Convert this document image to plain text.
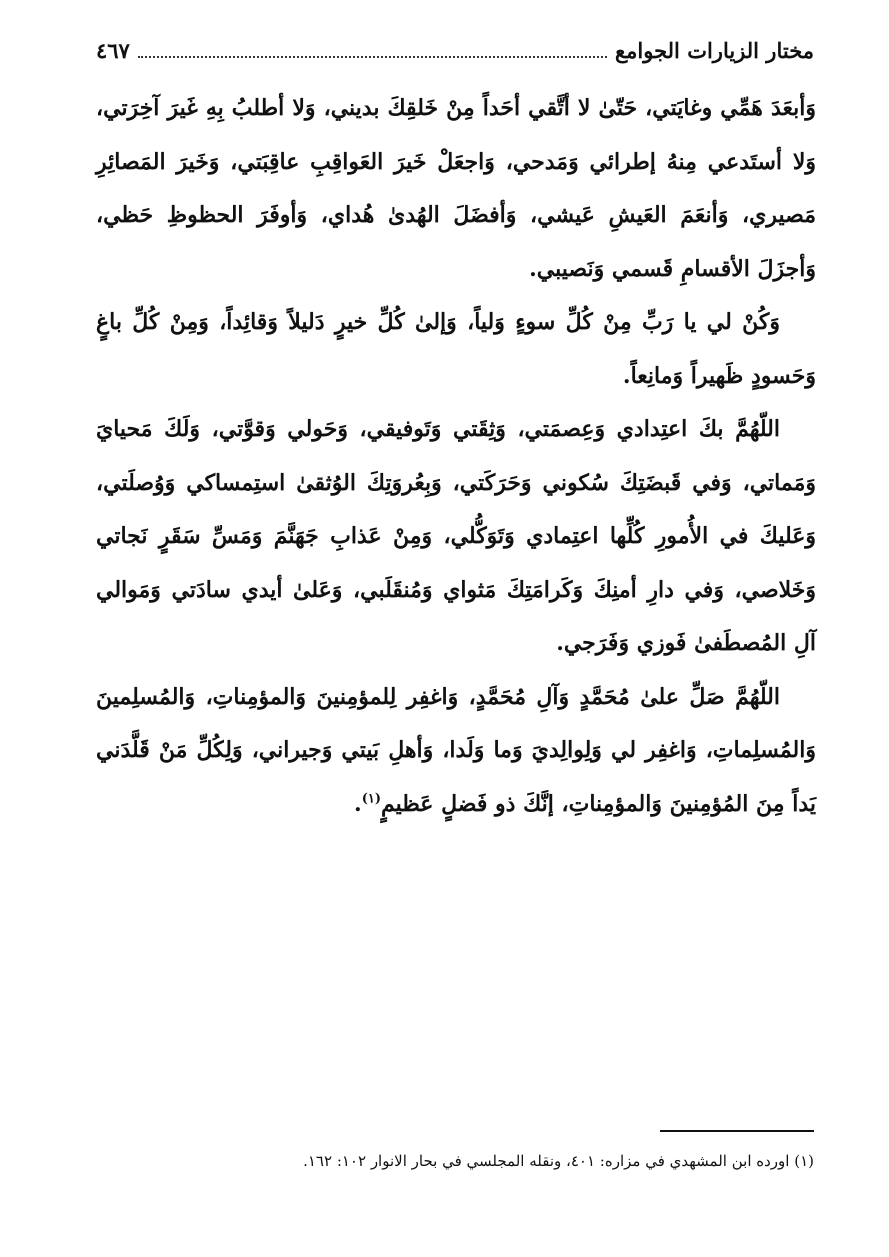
مختار الزيارات الجوامع
٤٦٧

وَأبعَدَ هَمِّي وغايَتي، حَتّىٰ لا أتَّقي أحَداً مِنْ خَلقِكَ بديني، وَلا أطلبُ بِهِ غَيرَ آخِرَتي، وَلا أستَدعي مِنهُ إطرائي وَمَدحي، وَاجعَلْ خَيرَ العَواقِبِ عاقِبَتي، وَخَيرَ المَصائِرِ مَصيري، وَأنعَمَ العَيشِ عَيشي، وَأفضَلَ الهُدىٰ هُداي، وَأوفَرَ الحظوظِ حَظي، وَأجزَلَ الأقسامِ قَسمي وَنَصيبي.

وَكُنْ لي يا رَبِّ مِنْ كُلِّ سوءٍ وَلياً، وَإلىٰ كُلِّ خيرٍ دَليلاً وَقائِداً، وَمِنْ كُلِّ باغٍ وَحَسودٍ ظَهيراً وَمانِعاً.

اللّهُمَّ بكَ اعتِدادي وَعِصمَتي، وَثِقَتي وَتَوفيقي، وَحَولي وَقوَّتي، وَلَكَ مَحيايَ وَمَماتي، وَفي قَبضَتِكَ سُكوني وَحَرَكَتي، وَبِعُروَتِكَ الوُثقىٰ استِمساكي وَوُصلَتي، وَعَليكَ في الأُمورِ كُلِّها اعتِمادي وَتَوَكُّلي، وَمِنْ عَذابِ جَهَنَّمَ وَمَسِّ سَقَرٍ نَجاتي وَخَلاصي، وَفي دارِ أمنِكَ وَكَرامَتِكَ مَثواي وَمُنقَلَبي، وَعَلىٰ أيدي سادَتي وَمَوالي آلِ المُصطَفىٰ فَوزي وَفَرَجي.

اللّهُمَّ صَلِّ علىٰ مُحَمَّدٍ وَآلِ مُحَمَّدٍ، وَاغفِر لِلمؤمِنينَ وَالمؤمِناتِ، وَالمُسلِمينَ وَالمُسلِماتِ، وَاغفِر لي وَلِوالِديَ وَما وَلَدا، وَأهلِ بَيتي وَجيراني، وَلِكُلِّ مَنْ قَلَّدَني يَداً مِنَ المُؤمِنينَ وَالمؤمِناتِ، إنَّكَ ذو فَضلٍ عَظيمٍ$^{(١)}$.

(١) اورده ابن المشهدي في مزاره: ٤٠١، ونقله المجلسي في بحار الانوار ١٠٢: ١٦٢.
